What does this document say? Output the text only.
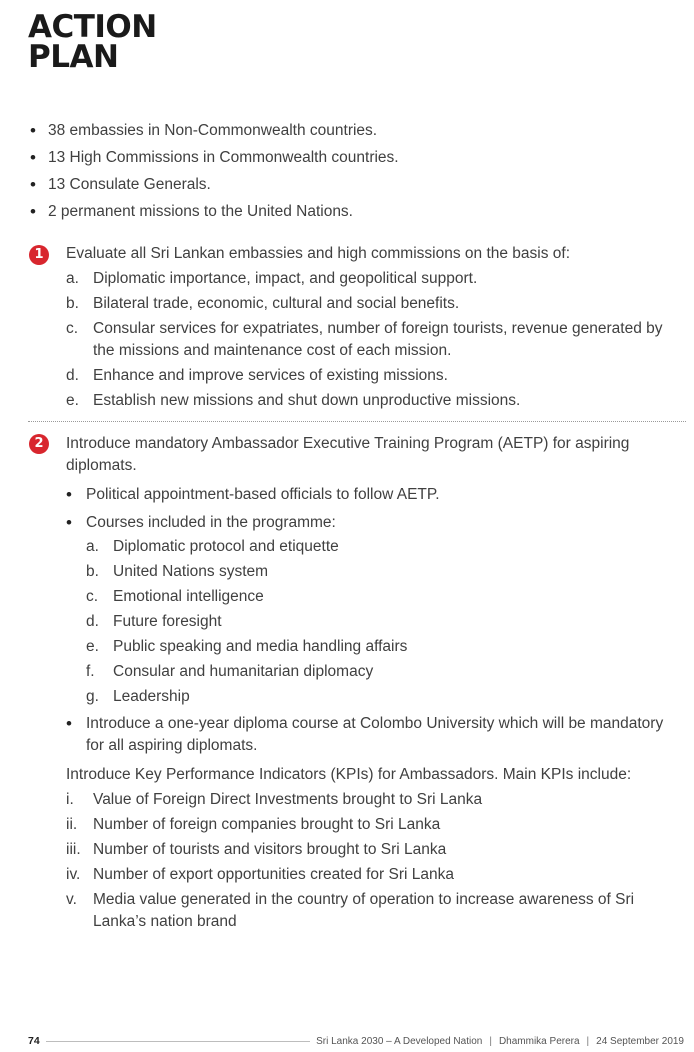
ACTION
PLAN
• 38 embassies in Non-Commonwealth countries.
• 13 High Commissions in Commonwealth countries.
• 13 Consulate Generals.
• 2 permanent missions to the United Nations.
1	Evaluate all Sri Lankan embassies and high commissions on the basis of:
a. Diplomatic importance, impact, and geopolitical support.
b. Bilateral trade, economic, cultural and social benefits.
c. Consular services for expatriates, number of foreign tourists, revenue generated by the missions and maintenance cost of each mission.
d. Enhance and improve services of existing missions.
e. Establish new missions and shut down unproductive missions.
2	Introduce mandatory Ambassador Executive Training Program (AETP) for aspiring diplomats.
• Political appointment-based officials to follow AETP.
• Courses included in the programme:
a. Diplomatic protocol and etiquette
b. United Nations system
c. Emotional intelligence
d. Future foresight
e. Public speaking and media handling affairs
f. Consular and humanitarian diplomacy
g. Leadership
• Introduce a one-year diploma course at Colombo University which will be mandatory for all aspiring diplomats.
Introduce Key Performance Indicators (KPIs) for Ambassadors. Main KPIs include:
i. Value of Foreign Direct Investments brought to Sri Lanka
ii. Number of foreign companies brought to Sri Lanka
iii. Number of tourists and visitors brought to Sri Lanka
iv. Number of export opportunities created for Sri Lanka
v. Media value generated in the country of operation to increase awareness of Sri Lanka’s nation brand
74	Sri Lanka 2030 – A Developed Nation | Dhammika Perera | 24 September 2019
